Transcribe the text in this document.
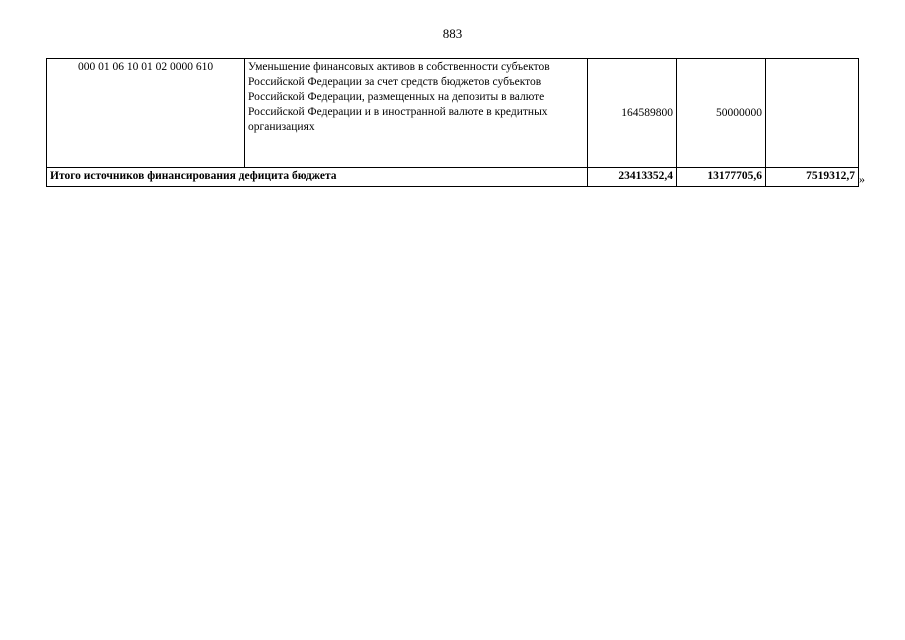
883
000 01 06 10 01 02 0000 610	Уменьшение финансовых активов в собственности субъектов Российской Федерации за счет средств бюджетов субъектов Российской Федерации, размещенных на депозиты в валюте Российской Федерации и в иностранной валюте в кредитных организациях	164589800	50000000	
Итого источников финансирования дефицита бюджета		23413352,4	13177705,6	7519312,7 »
